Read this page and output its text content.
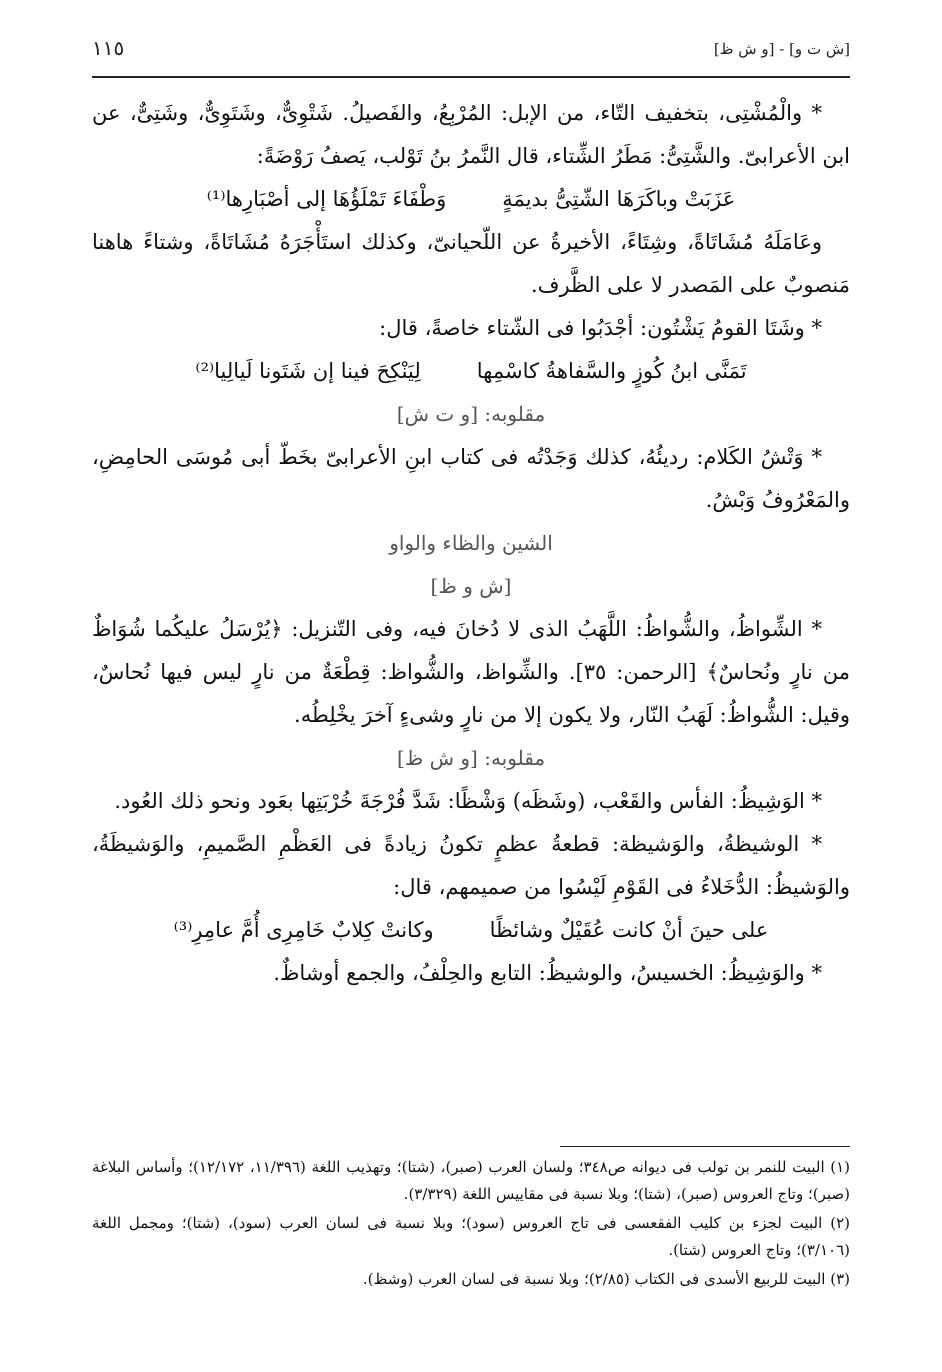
[ش ت و] - [و ش ظ]
١١٥

* والْمُشْتِى، بتخفيف التّاء، من الإبل: المُرْبِعُ، والفَصيلُ. شَتْوِىٌّ، وشَتَوِىٌّ، وشَتِىٌّ، عن ابن الأعرابىّ. والشَّتِىُّ: مَطَرُ الشِّتاء، قال النَّمرُ بنُ تَوْلب، يَصفُ رَوْضَةً:

عَزَبَتْ وباكَرَهَا الشّتِىُّ بديمَةٍ
وَطْفَاءَ تَمْلَؤُهَا إلى أصْبَارِها⁽¹⁾

وعَامَلَهُ مُشَاتَاةً، وشِتَاءً، الأخيرةُ عن اللّحيانىّ، وكذلك استَأْجَرَهُ مُشَاتَاةً، وشتاءً هاهنا مَنصوبٌ على المَصدر لا على الظَّرف.

* وشَتَا القومُ يَشْتُون: أجْدَبُوا فى الشّتاء خاصةً، قال:

تَمَنَّى ابنُ كُوزٍ والسَّفاهةُ كاسْمِها
لِيَنْكِحَ فينا إن شَتَونا لَيالِيا⁽²⁾

مقلوبه: [و ت ش]

* وَتْشُ الكَلام: رديئُهُ، كذلك وَجَدْتُه فى كتاب ابنِ الأعرابىّ بخَطّ أبى مُوسَى الحامِضِ، والمَعْرُوفُ وَبْشُ.

الشين والظاء والواو

[ش و ظ]

* الشِّواظُ، والشُّواظُ: اللَّهَبُ الذى لا دُخانَ فيه، وفى التّنزيل: ﴿يُرْسَلُ عليكُما شُوَاظٌ من نارٍ ونُحاسٌ﴾ [الرحمن: ٣٥]. والشِّواظ، والشُّواظ: قِطْعَةٌ من نارٍ ليس فيها نُحاسٌ، وقيل: الشُّواظُ: لَهَبُ النّار، ولا يكون إلا من نارٍ وشىءٍ آخرَ يخْلِطُه.

مقلوبه: [و ش ظ]

* الوَشِيظُ: الفأس والقَعْب، (وشَظَه) وَشْظًا: شَدَّ فُرْجَةَ خُرْبَتِها بعَود ونحو ذلك العُود.

* الوشيظةُ، والوَشيظة: قطعةُ عظمٍ تكونُ زيادةً فى العَظْمِ الصَّميمِ، والوَشيظَةُ، والوَشيظُ: الدُّخَلاءُ فى القَوْمِ لَيْسُوا من صميمهم، قال:

على حينَ أنْ كانت عُقَيْلٌ وشائظًا
وكانتْ كِلابٌ خَامِرِى أُمَّ عامِرِ⁽³⁾

* والوَشِيظُ: الخسيسُ، والوشيظُ: التابع والحِلْفُ، والجمع أوشاظٌ.

(١) البيت للنمر بن تولب فى ديوانه ص٣٤٨؛ ولسان العرب (صبر)، (شتا)؛ وتهذيب اللغة (١١/٣٩٦، ١٢/١٧٢)؛ وأساس البلاغة (صبر)؛ وتاج العروس (صبر)، (شتا)؛ وبلا نسبة فى مقاييس اللغة (٣/٣٢٩).

(٢) البيت لجزء بن كليب الفقعسى فى تاج العروس (سود)؛ وبلا نسبة فى لسان العرب (سود)، (شتا)؛ ومجمل اللغة (٣/١٠٦)؛ وتاج العروس (شتا).

(٣) البيت للربيع الأسدى فى الكتاب (٢/٨٥)؛ وبلا نسبة فى لسان العرب (وشظ).
